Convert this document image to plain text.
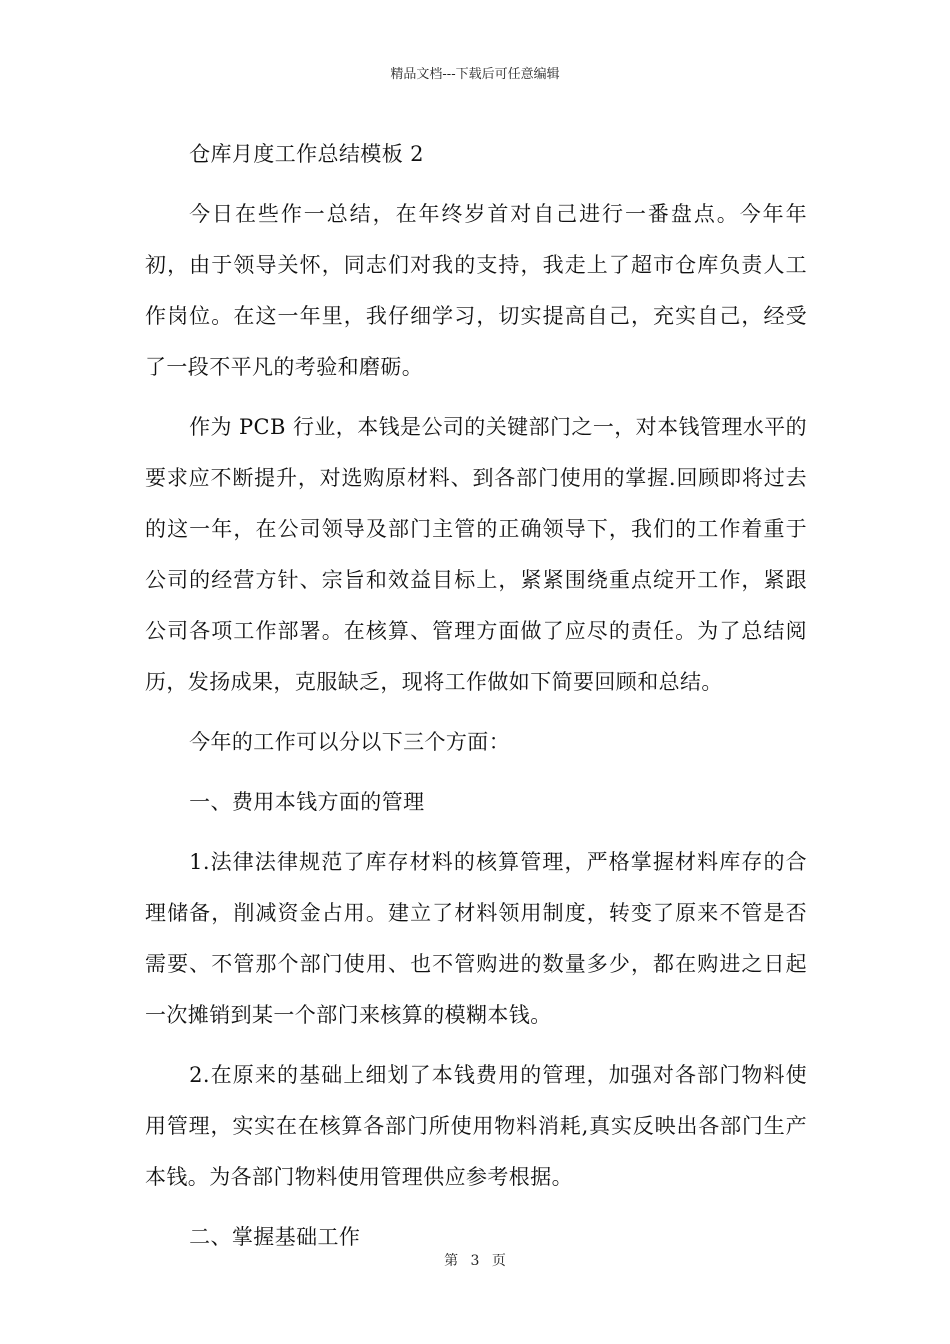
精品文档---下载后可任意编辑

仓库月度工作总结模板 2

今日在些作一总结，在年终岁首对自己进行一番盘点。今年年初，由于领导关怀，同志们对我的支持，我走上了超市仓库负责人工作岗位。在这一年里，我仔细学习，切实提高自己，充实自己，经受了一段不平凡的考验和磨砺。

作为 PCB 行业，本钱是公司的关键部门之一，对本钱管理水平的要求应不断提升，对选购原材料、到各部门使用的掌握.回顾即将过去的这一年，在公司领导及部门主管的正确领导下，我们的工作着重于公司的经营方针、宗旨和效益目标上，紧紧围绕重点绽开工作，紧跟公司各项工作部署。在核算、管理方面做了应尽的责任。为了总结阅历，发扬成果，克服缺乏，现将工作做如下简要回顾和总结。

今年的工作可以分以下三个方面：

一、费用本钱方面的管理

1.法律法律规范了库存材料的核算管理，严格掌握材料库存的合理储备，削减资金占用。建立了材料领用制度，转变了原来不管是否需要、不管那个部门使用、也不管购进的数量多少，都在购进之日起一次摊销到某一个部门来核算的模糊本钱。

2.在原来的基础上细划了本钱费用的管理，加强对各部门物料使用管理，实实在在核算各部门所使用物料消耗,真实反映出各部门生产本钱。为各部门物料使用管理供应参考根据。

二、掌握基础工作

第 3 页
